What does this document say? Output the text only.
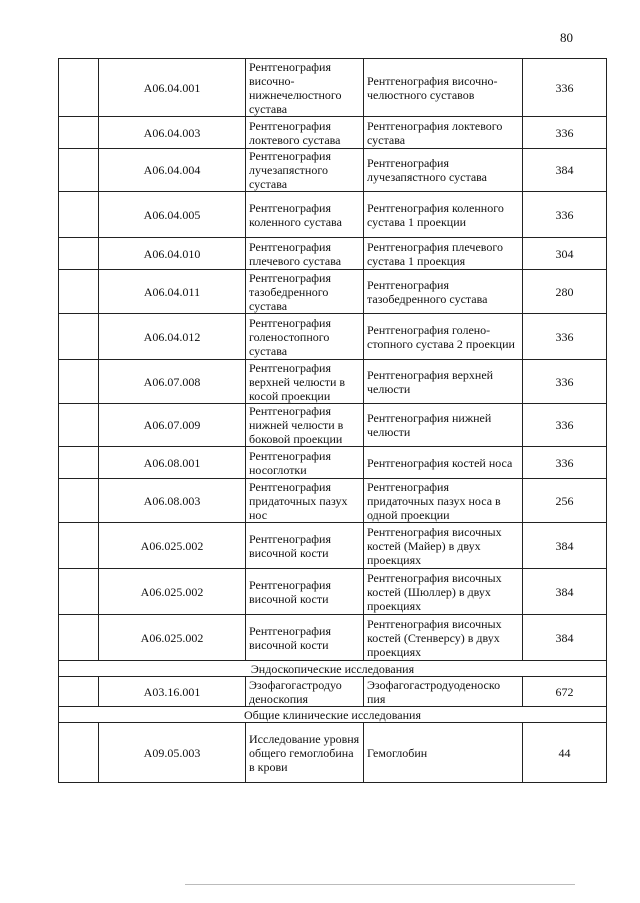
80
	A06.04.001	Рентгенография височно-нижнечелюстного сустава	Рентгенография височно-челюстного суставов	336
	A06.04.003	Рентгенография локтевого сустава	Рентгенография локтевого сустава	336
	A06.04.004	Рентгенография лучезапястного сустава	Рентгенография лучезапястного сустава	384
	A06.04.005	Рентгенография коленного сустава	Рентгенография коленного сустава 1 проекции	336
	A06.04.010	Рентгенография плечевого сустава	Рентгенография плечевого сустава 1 проекция	304
	A06.04.011	Рентгенография тазобедренного сустава	Рентгенография тазобедренного сустава	280
	A06.04.012	Рентгенография голеностопного сустава	Рентгенография голено-стопного сустава 2 проекции	336
	A06.07.008	Рентгенография верхней челюсти в косой проекции	Рентгенография верхней челюсти	336
	A06.07.009	Рентгенография нижней челюсти в боковой проекции	Рентгенография нижней челюсти	336
	A06.08.001	Рентгенография носоглотки	Рентгенография костей носа	336
	A06.08.003	Рентгенография придаточных пазух нос	Рентгенография придаточных пазух носа в одной проекции	256
	A06.025.002	Рентгенография височной кости	Рентгенография височных костей (Майер) в двух проекциях	384
	A06.025.002	Рентгенография височной кости	Рентгенография височных костей (Шюллер) в двух проекциях	384
	A06.025.002	Рентгенография височной кости	Рентгенография височных костей (Стенверсу) в двух проекциях	384
Эндоскопические исследования				
	A03.16.001	Эзофагогастродуо деноскопия	Эзофагогастродуоденоско пия	672
Общие клинические исследования				
	A09.05.003	Исследование уровня общего гемоглобина в крови	Гемоглобин	44
